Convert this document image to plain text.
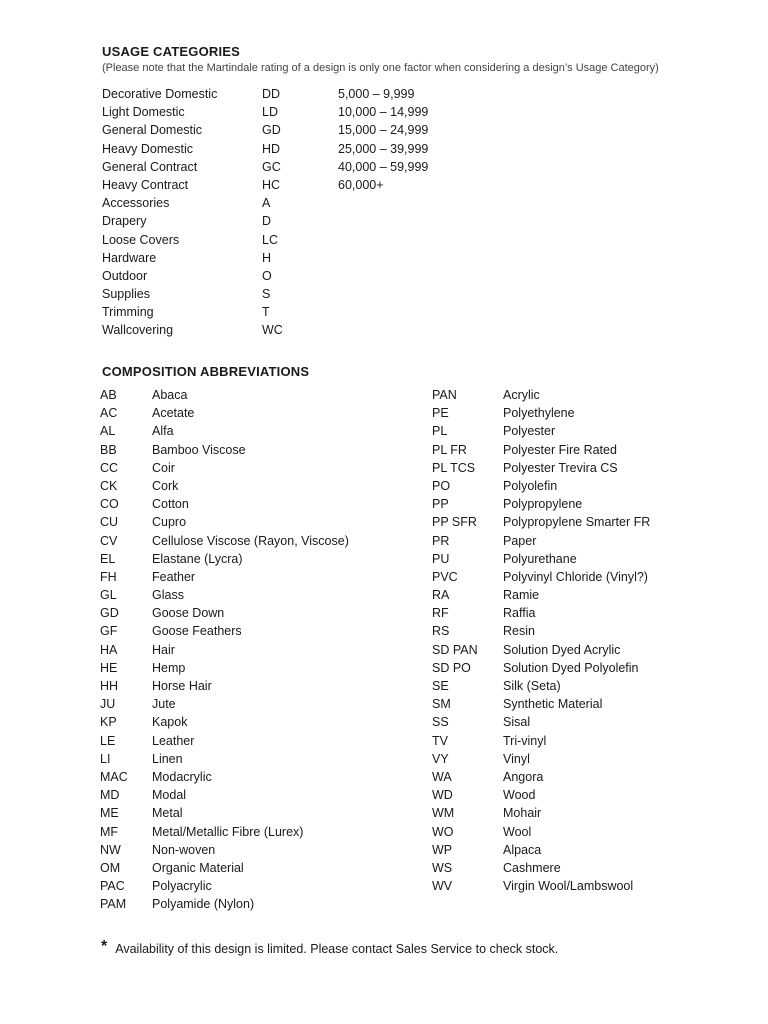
USAGE CATEGORIES
(Please note that the Martindale rating of a design is only one factor when considering a design’s Usage Category)
Decorative Domestic	DD	5,000 – 9,999
Light Domestic	LD	10,000 – 14,999
General Domestic	GD	15,000 – 24,999
Heavy Domestic	HD	25,000 – 39,999
General Contract	GC	40,000 – 59,999
Heavy Contract	HC	60,000+
Accessories	A
Drapery	D
Loose Covers	LC
Hardware	H
Outdoor	O
Supplies	S
Trimming	T
Wallcovering	WC
COMPOSITION ABBREVIATIONS
AB	Abaca
AC	Acetate
AL	Alfa
BB	Bamboo Viscose
CC	Coir
CK	Cork
CO	Cotton
CU	Cupro
CV	Cellulose Viscose (Rayon, Viscose)
EL	Elastane (Lycra)
FH	Feather
GL	Glass
GD	Goose Down
GF	Goose Feathers
HA	Hair
HE	Hemp
HH	Horse Hair
JU	Jute
KP	Kapok
LE	Leather
LI	Linen
MAC Modacrylic
MD	Modal
ME	Metal
MF	Metal/Metallic Fibre (Lurex)
NW Non-woven
OM	Organic Material
PAC Polyacrylic
PAM Polyamide (Nylon)
PAN	Acrylic
PE	Polyethylene
PL	Polyester
PL FR	Polyester Fire Rated
PL TCS Polyester Trevira CS
PO	Polyolefin
PP	Polypropylene
PP SFR Polypropylene Smarter FR
PR	Paper
PU	Polyurethane
PVC	Polyvinyl Chloride (Vinyl?)
RA	Ramie
RF	Raffia
RS	Resin
SD PAN Solution Dyed Acrylic
SD PO	Solution Dyed Polyolefin
SE	Silk (Seta)
SM	Synthetic Material
SS	Sisal
TV	Tri-vinyl
VY	Vinyl
WA	Angora
WD	Wood
WM	Mohair
WO	Wool
WP	Alpaca
WS	Cashmere
WV	Virgin Wool/Lambswool
* Availability of this design is limited. Please contact Sales Service to check stock.
